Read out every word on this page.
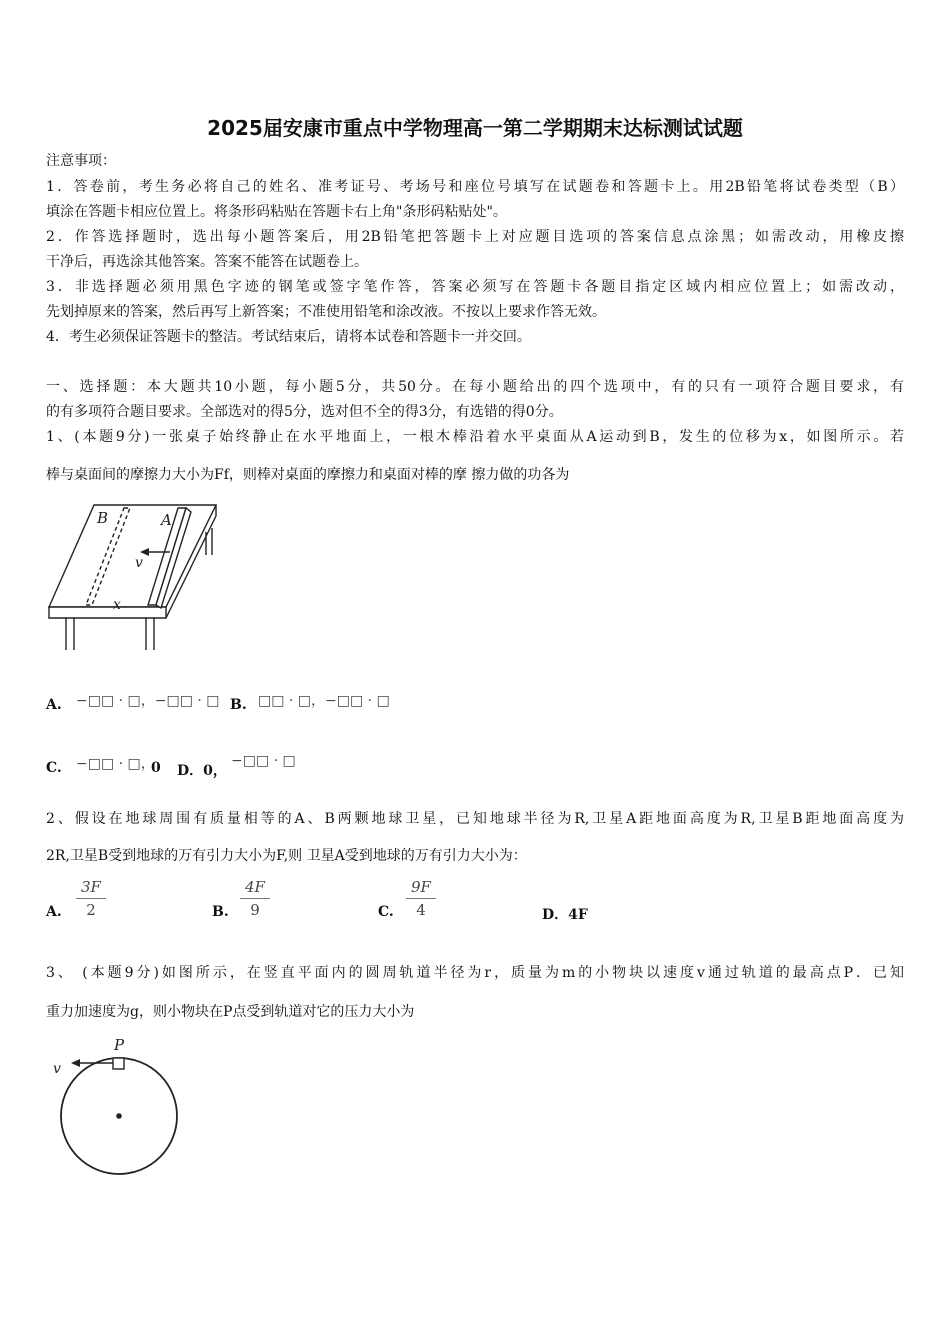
2025届安康市重点中学物理高一第二学期期末达标测试试题
注意事项：
1．答卷前，考生务必将自己的姓名、准考证号、考场号和座位号填写在试题卷和答题卡上。用2B铅笔将试卷类型（B）
填涂在答题卡相应位置上。将条形码粘贴在答题卡右上角"条形码粘贴处"。
2．作答选择题时，选出每小题答案后，用2B铅笔把答题卡上对应题目选项的答案信息点涂黑；如需改动，用橡皮擦
干净后，再选涂其他答案。答案不能答在试题卷上。
3．非选择题必须用黑色字迹的钢笔或签字笔作答，答案必须写在答题卡各题目指定区域内相应位置上；如需改动，
先划掉原来的答案，然后再写上新答案；不准使用铅笔和涂改液。不按以上要求作答无效。
4．考生必须保证答题卡的整洁。考试结束后，请将本试卷和答题卡一并交回。
一、选择题：本大题共10小题，每小题5分，共50分。在每小题给出的四个选项中，有的只有一项符合题目要求，有
的有多项符合题目要求。全部选对的得5分，选对但不全的得3分，有选错的得0分。
1、(本题9分)一张桌子始终静止在水平地面上，一根木棒沿着水平桌面从A运动到B，发生的位移为x，如图所示。若
棒与桌面间的摩擦力大小为Ff，则棒对桌面的摩擦力和桌面对棒的摩 擦力做的功各为
B	A
v
x
A. −□□ · □，−□□ · □ B. □□ · □，−□□ · □
C. −□□ · □，
0 D．0，
−□□ · □
2、假设在地球周围有质量相等的A、B两颗地球卫星，已知地球半径为R,卫星A距地面高度为R,卫星B距地面高度为
2R,卫星B受到地球的万有引力大小为F,则 卫星A受到地球的万有引力大小为：
A.
3F
2	B.
4F
9	C.
9F
4	D．4F
3、 (本题9分)如图所示，在竖直平面内的圆周轨道半径为r，质量为m的小物块以速度v通过轨道的最高点P．已知
重力加速度为g，则小物块在P点受到轨道对它的压力大小为
P
v
